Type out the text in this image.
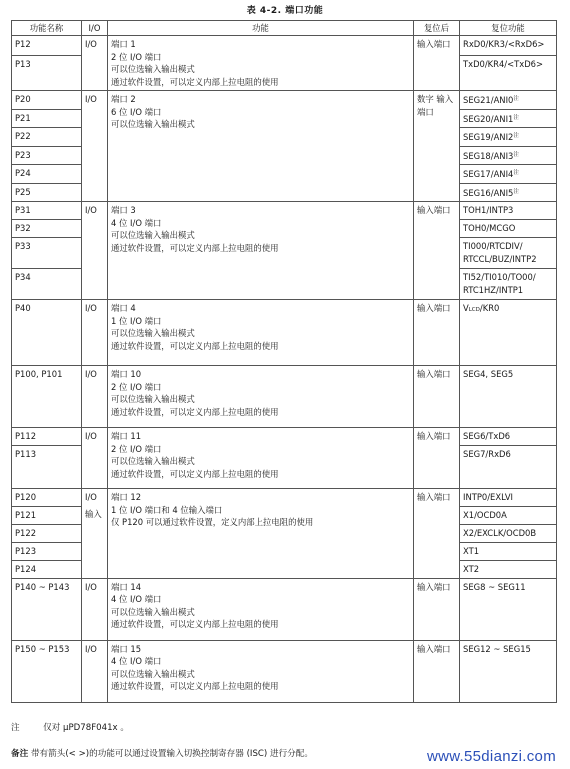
表 4-2. 端口功能
功能名称	I/O	功能	复位后	复位功能
P12	I/O	端口 1
2 位 I/O 端口
可以位选输入输出模式
通过软件设置，可以定义内部上拉电阻的使用	输入端口	RxD0/KR3/<RxD6>
P13				TxD0/KR4/<TxD6>
P20	I/O	端口 2
6 位 I/O 端口
可以位选输入输出模式	数字 输入端口	$SEG21/ANI0^注$
P21				$SEG20/ANI1^注$
P22				$SEG19/ANI2^注$
P23				$SEG18/ANI3^注$
P24				$SEG17/ANI4^注$
P25				$SEG16/ANI5^注$
P31	I/O	端口 3
4 位 I/O 端口
可以位选输入输出模式
通过软件设置，可以定义内部上拉电阻的使用	输入端口	TOH1/INTP3
P32				TOH0/MCGO
P33				TI000/RTCDIV/ RTCCL/BUZ/INTP2
P34				TI52/TI010/TO00/ RTC1HZ/INTP1
P40	I/O	端口 4
1 位 I/O 端口
可以位选输入输出模式
通过软件设置，可以定义内部上拉电阻的使用	输入端口	VLCD/KR0
P100, P101	I/O	端口 10
2 位 I/O 端口
可以位选输入输出模式
通过软件设置，可以定义内部上拉电阻的使用	输入端口	SEG4, SEG5
P112	I/O	端口 11
2 位 I/O 端口
可以位选输入输出模式
通过软件设置，可以定义内部上拉电阻的使用	输入端口	SEG6/TxD6
P113				SEG7/RxD6
P120	I/O
输入	端口 12
1 位 I/O 端口和 4 位输入端口
仅 P120 可以通过软件设置，定义内部上拉电阻的使用	输入端口	INTP0/EXLVI
P121				X1/OCD0A
P122				X2/EXCLK/OCD0B
P123				XT1
P124				XT2
P140 ~ P143	I/O	端口 14
4 位 I/O 端口
可以位选输入输出模式
通过软件设置，可以定义内部上拉电阻的使用	输入端口	SEG8 ~ SEG11
P150 ~ P153	I/O	端口 15
4 位 I/O 端口
可以位选输入输出模式
通过软件设置，可以定义内部上拉电阻的使用	输入端口	SEG12 ~ SEG15
注	仅对 μPD78F041x 。
备注 带有箭头(< >)的功能可以通过设置输入切换控制寄存器 (ISC) 进行分配。	www.55dianzi.com
